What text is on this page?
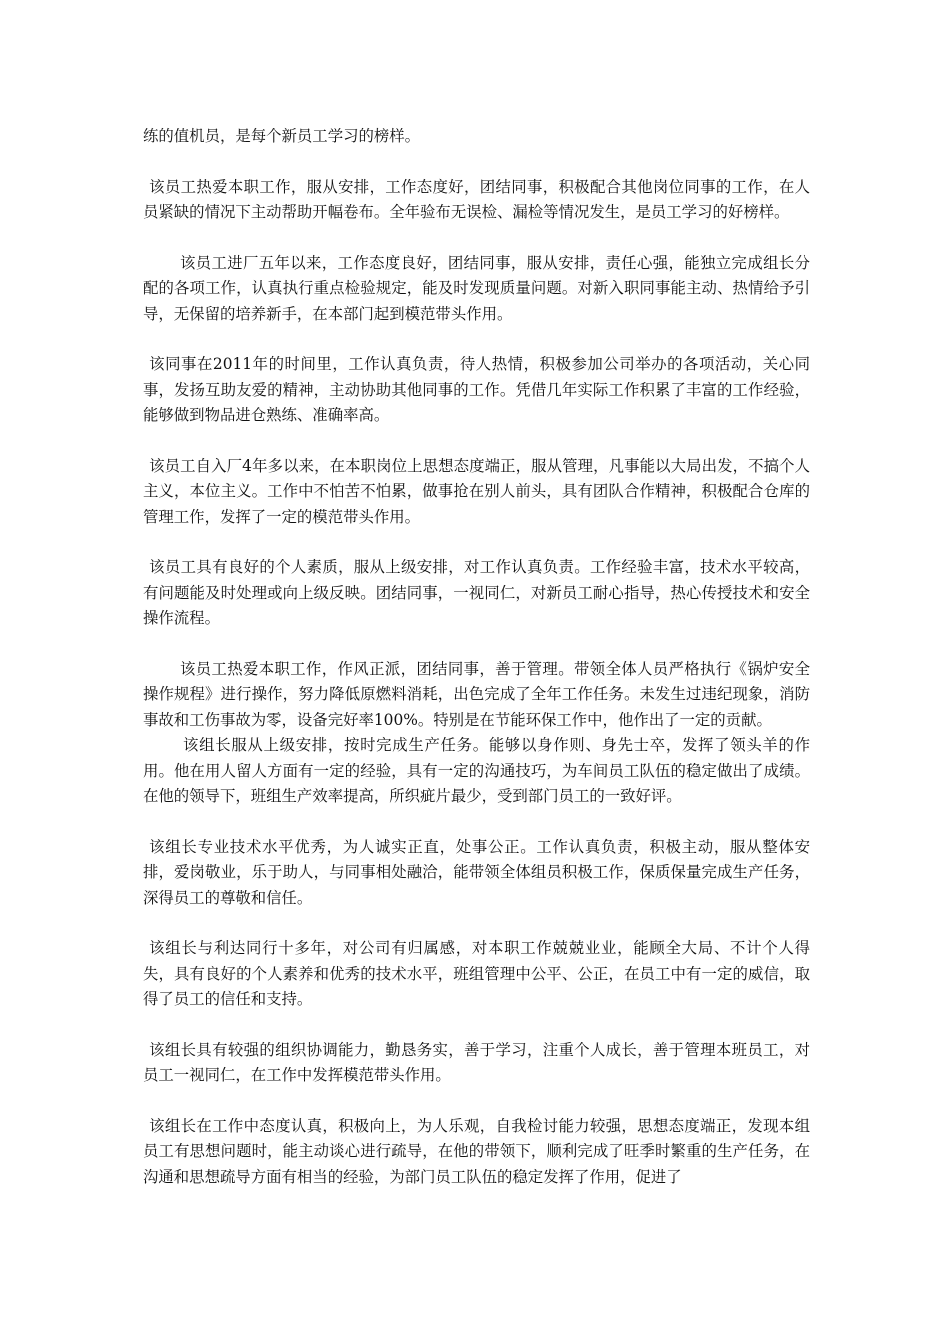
练的值机员，是每个新员工学习的榜样。

该员工热爱本职工作，服从安排，工作态度好，团结同事，积极配合其他岗位同事的工作，在人员紧缺的情况下主动帮助开幅卷布。全年验布无误检、漏检等情况发生，是员工学习的好榜样。

该员工进厂五年以来，工作态度良好，团结同事，服从安排，责任心强，能独立完成组长分配的各项工作，认真执行重点检验规定，能及时发现质量问题。对新入职同事能主动、热情给予引导，无保留的培养新手，在本部门起到模范带头作用。

该同事在2011年的时间里，工作认真负责，待人热情，积极参加公司举办的各项活动，关心同事，发扬互助友爱的精神，主动协助其他同事的工作。凭借几年实际工作积累了丰富的工作经验，能够做到物品进仓熟练、准确率高。

该员工自入厂4年多以来，在本职岗位上思想态度端正，服从管理，凡事能以大局出发，不搞个人主义，本位主义。工作中不怕苦不怕累，做事抢在别人前头，具有团队合作精神，积极配合仓库的管理工作，发挥了一定的模范带头作用。

该员工具有良好的个人素质，服从上级安排，对工作认真负责。工作经验丰富，技术水平较高，有问题能及时处理或向上级反映。团结同事，一视同仁，对新员工耐心指导，热心传授技术和安全操作流程。

该员工热爱本职工作，作风正派，团结同事，善于管理。带领全体人员严格执行《锅炉安全操作规程》进行操作，努力降低原燃料消耗，出色完成了全年工作任务。未发生过违纪现象，消防事故和工伤事故为零，设备完好率100%。特别是在节能环保工作中，他作出了一定的贡献。

该组长服从上级安排，按时完成生产任务。能够以身作则、身先士卒，发挥了领头羊的作用。他在用人留人方面有一定的经验，具有一定的沟通技巧，为车间员工队伍的稳定做出了成绩。在他的领导下，班组生产效率提高，所织疵片最少，受到部门员工的一致好评。

该组长专业技术水平优秀，为人诚实正直，处事公正。工作认真负责，积极主动，服从整体安排，爱岗敬业，乐于助人，与同事相处融洽，能带领全体组员积极工作，保质保量完成生产任务，深得员工的尊敬和信任。

该组长与利达同行十多年，对公司有归属感，对本职工作兢兢业业，能顾全大局、不计个人得失，具有良好的个人素养和优秀的技术水平，班组管理中公平、公正，在员工中有一定的威信，取得了员工的信任和支持。

该组长具有较强的组织协调能力，勤恳务实，善于学习，注重个人成长，善于管理本班员工，对员工一视同仁，在工作中发挥模范带头作用。

该组长在工作中态度认真，积极向上，为人乐观，自我检讨能力较强，思想态度端正，发现本组员工有思想问题时，能主动谈心进行疏导，在他的带领下，顺利完成了旺季时繁重的生产任务，在沟通和思想疏导方面有相当的经验，为部门员工队伍的稳定发挥了作用，促进了
